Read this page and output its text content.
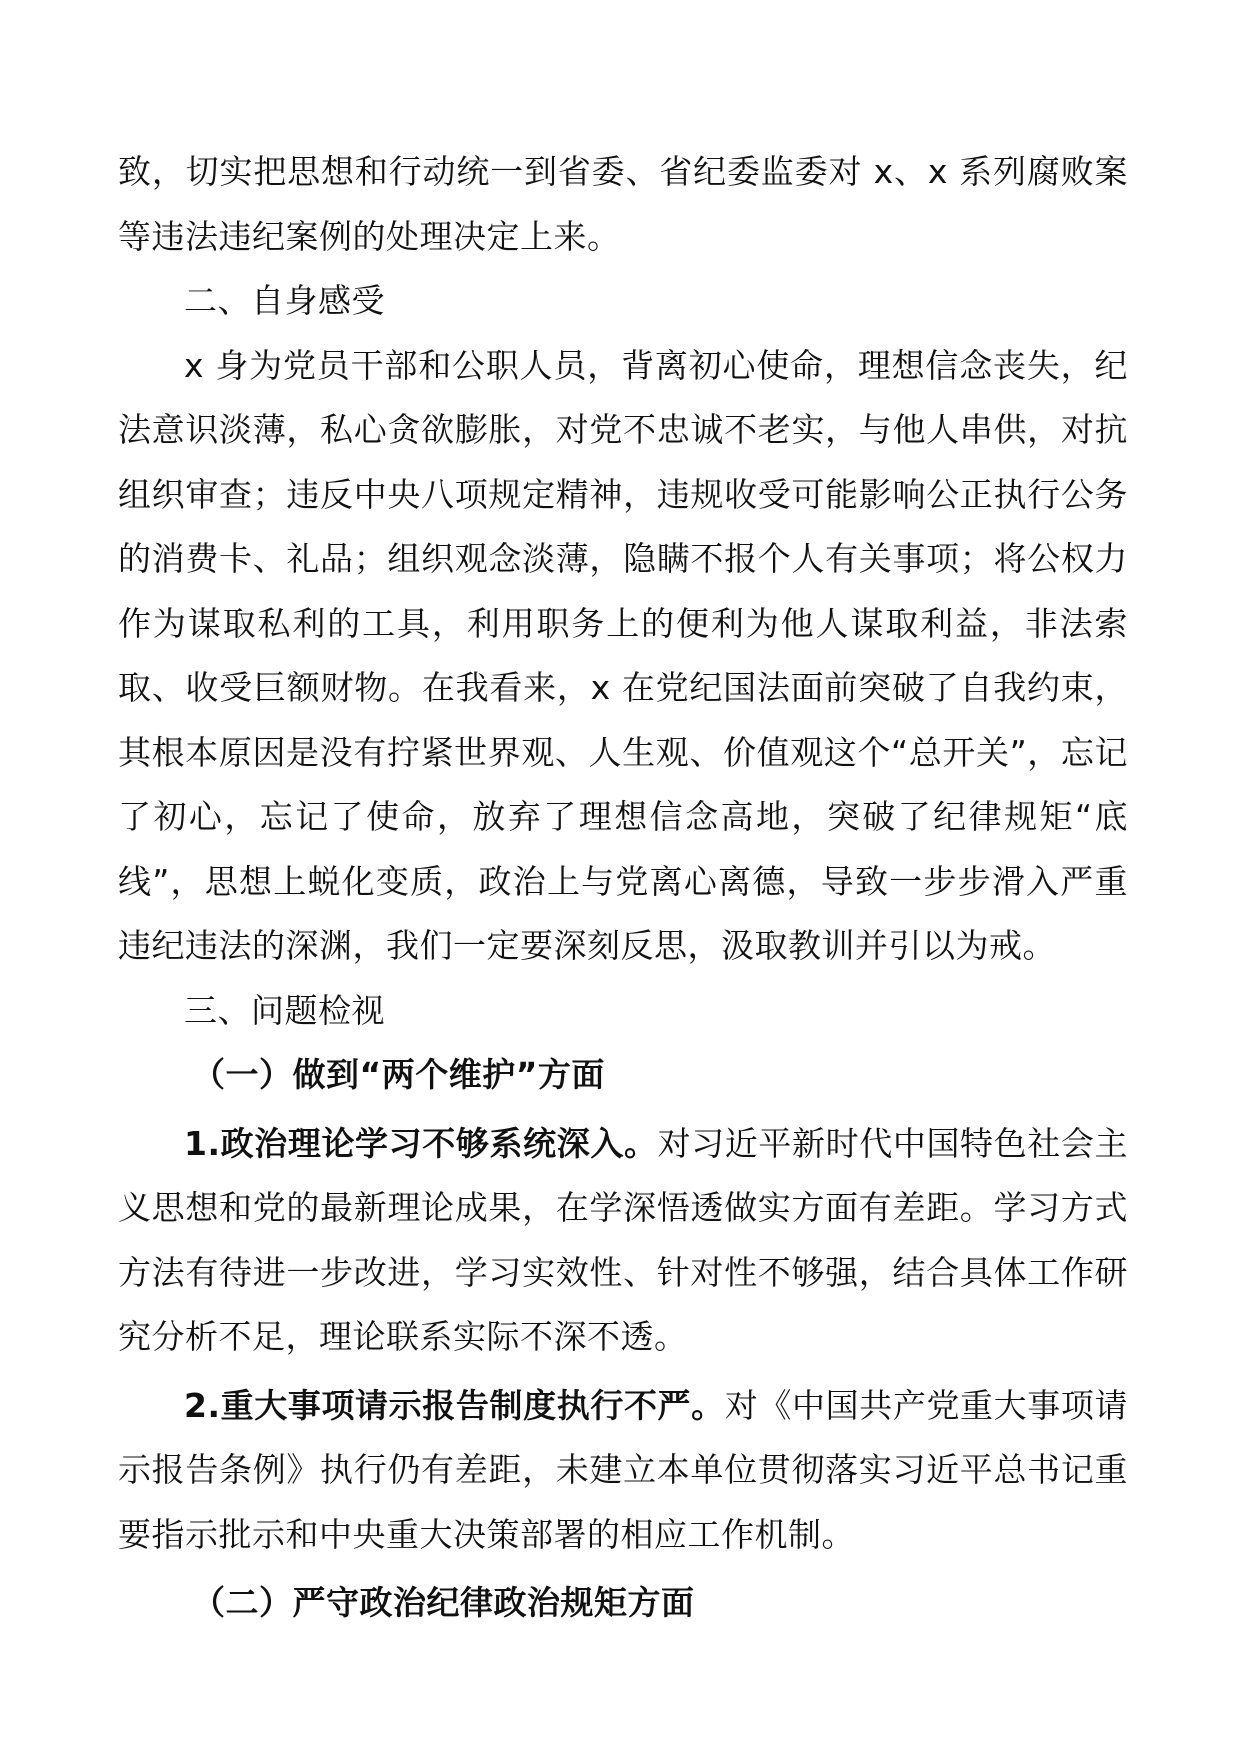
致，切实把思想和行动统一到省委、省纪委监委对 x、x 系列腐败案等违法违纪案例的处理决定上来。

二、自身感受

x 身为党员干部和公职人员，背离初心使命，理想信念丧失，纪法意识淡薄，私心贪欲膨胀，对党不忠诚不老实，与他人串供，对抗组织审查；违反中央八项规定精神，违规收受可能影响公正执行公务的消费卡、礼品；组织观念淡薄，隐瞒不报个人有关事项；将公权力作为谋取私利的工具，利用职务上的便利为他人谋取利益，非法索取、收受巨额财物。在我看来，x 在党纪国法面前突破了自我约束，其根本原因是没有拧紧世界观、人生观、价值观这个“总开关”，忘记了初心，忘记了使命，放弃了理想信念高地，突破了纪律规矩“底线”，思想上蜕化变质，政治上与党离心离德，导致一步步滑入严重违纪违法的深渊，我们一定要深刻反思，汲取教训并引以为戒。

三、问题检视

（一）做到“两个维护”方面

1.政治理论学习不够系统深入。对习近平新时代中国特色社会主义思想和党的最新理论成果，在学深悟透做实方面有差距。学习方式方法有待进一步改进，学习实效性、针对性不够强，结合具体工作研究分析不足，理论联系实际不深不透。

2.重大事项请示报告制度执行不严。对《中国共产党重大事项请示报告条例》执行仍有差距，未建立本单位贯彻落实习近平总书记重要指示批示和中央重大决策部署的相应工作机制。

（二）严守政治纪律政治规矩方面
